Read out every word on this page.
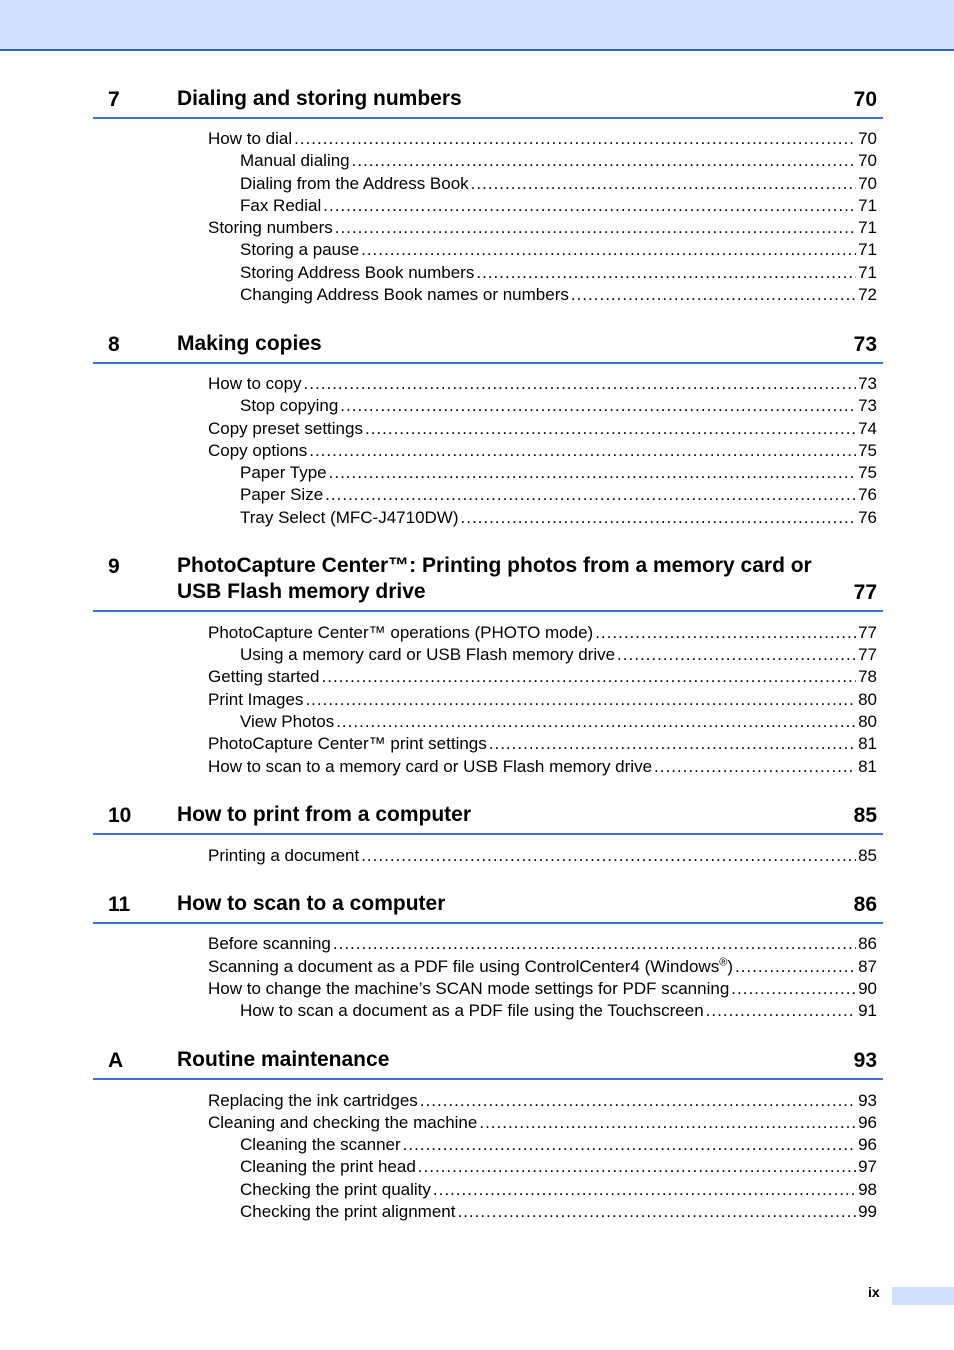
7	Dialing and storing numbers	70
How to dial .....	70
Manual dialing .....	70
Dialing from the Address Book .....	70
Fax Redial .....	71
Storing numbers .....	71
Storing a pause .....	71
Storing Address Book numbers .....	71
Changing Address Book names or numbers .....	72
8	Making copies	73
How to copy .....	73
Stop copying .....	73
Copy preset settings .....	74
Copy options .....	75
Paper Type .....	75
Paper Size .....	76
Tray Select (MFC-J4710DW) .....	76
9	PhotoCapture Center™: Printing photos from a memory card or
USB Flash memory drive	77
PhotoCapture Center™ operations (PHOTO mode) .....	77
Using a memory card or USB Flash memory drive .....	77
Getting started .....	78
Print Images .....	80
View Photos .....	80
PhotoCapture Center™ print settings .....	81
How to scan to a memory card or USB Flash memory drive .....	81
10 How to print from a computer	85
Printing a document .....	85
11 How to scan to a computer	86
Before scanning .....	86
Scanning a document as a PDF file using ControlCenter4 (Windows®) .....	87
How to change the machine’s SCAN mode settings for PDF scanning .....	90
How to scan a document as a PDF file using the Touchscreen .....	91
A	Routine maintenance	93
Replacing the ink cartridges .....	93
Cleaning and checking the machine .....	96
Cleaning the scanner .....	96
Cleaning the print head .....	97
Checking the print quality .....	98
Checking the print alignment .....	99
ix
